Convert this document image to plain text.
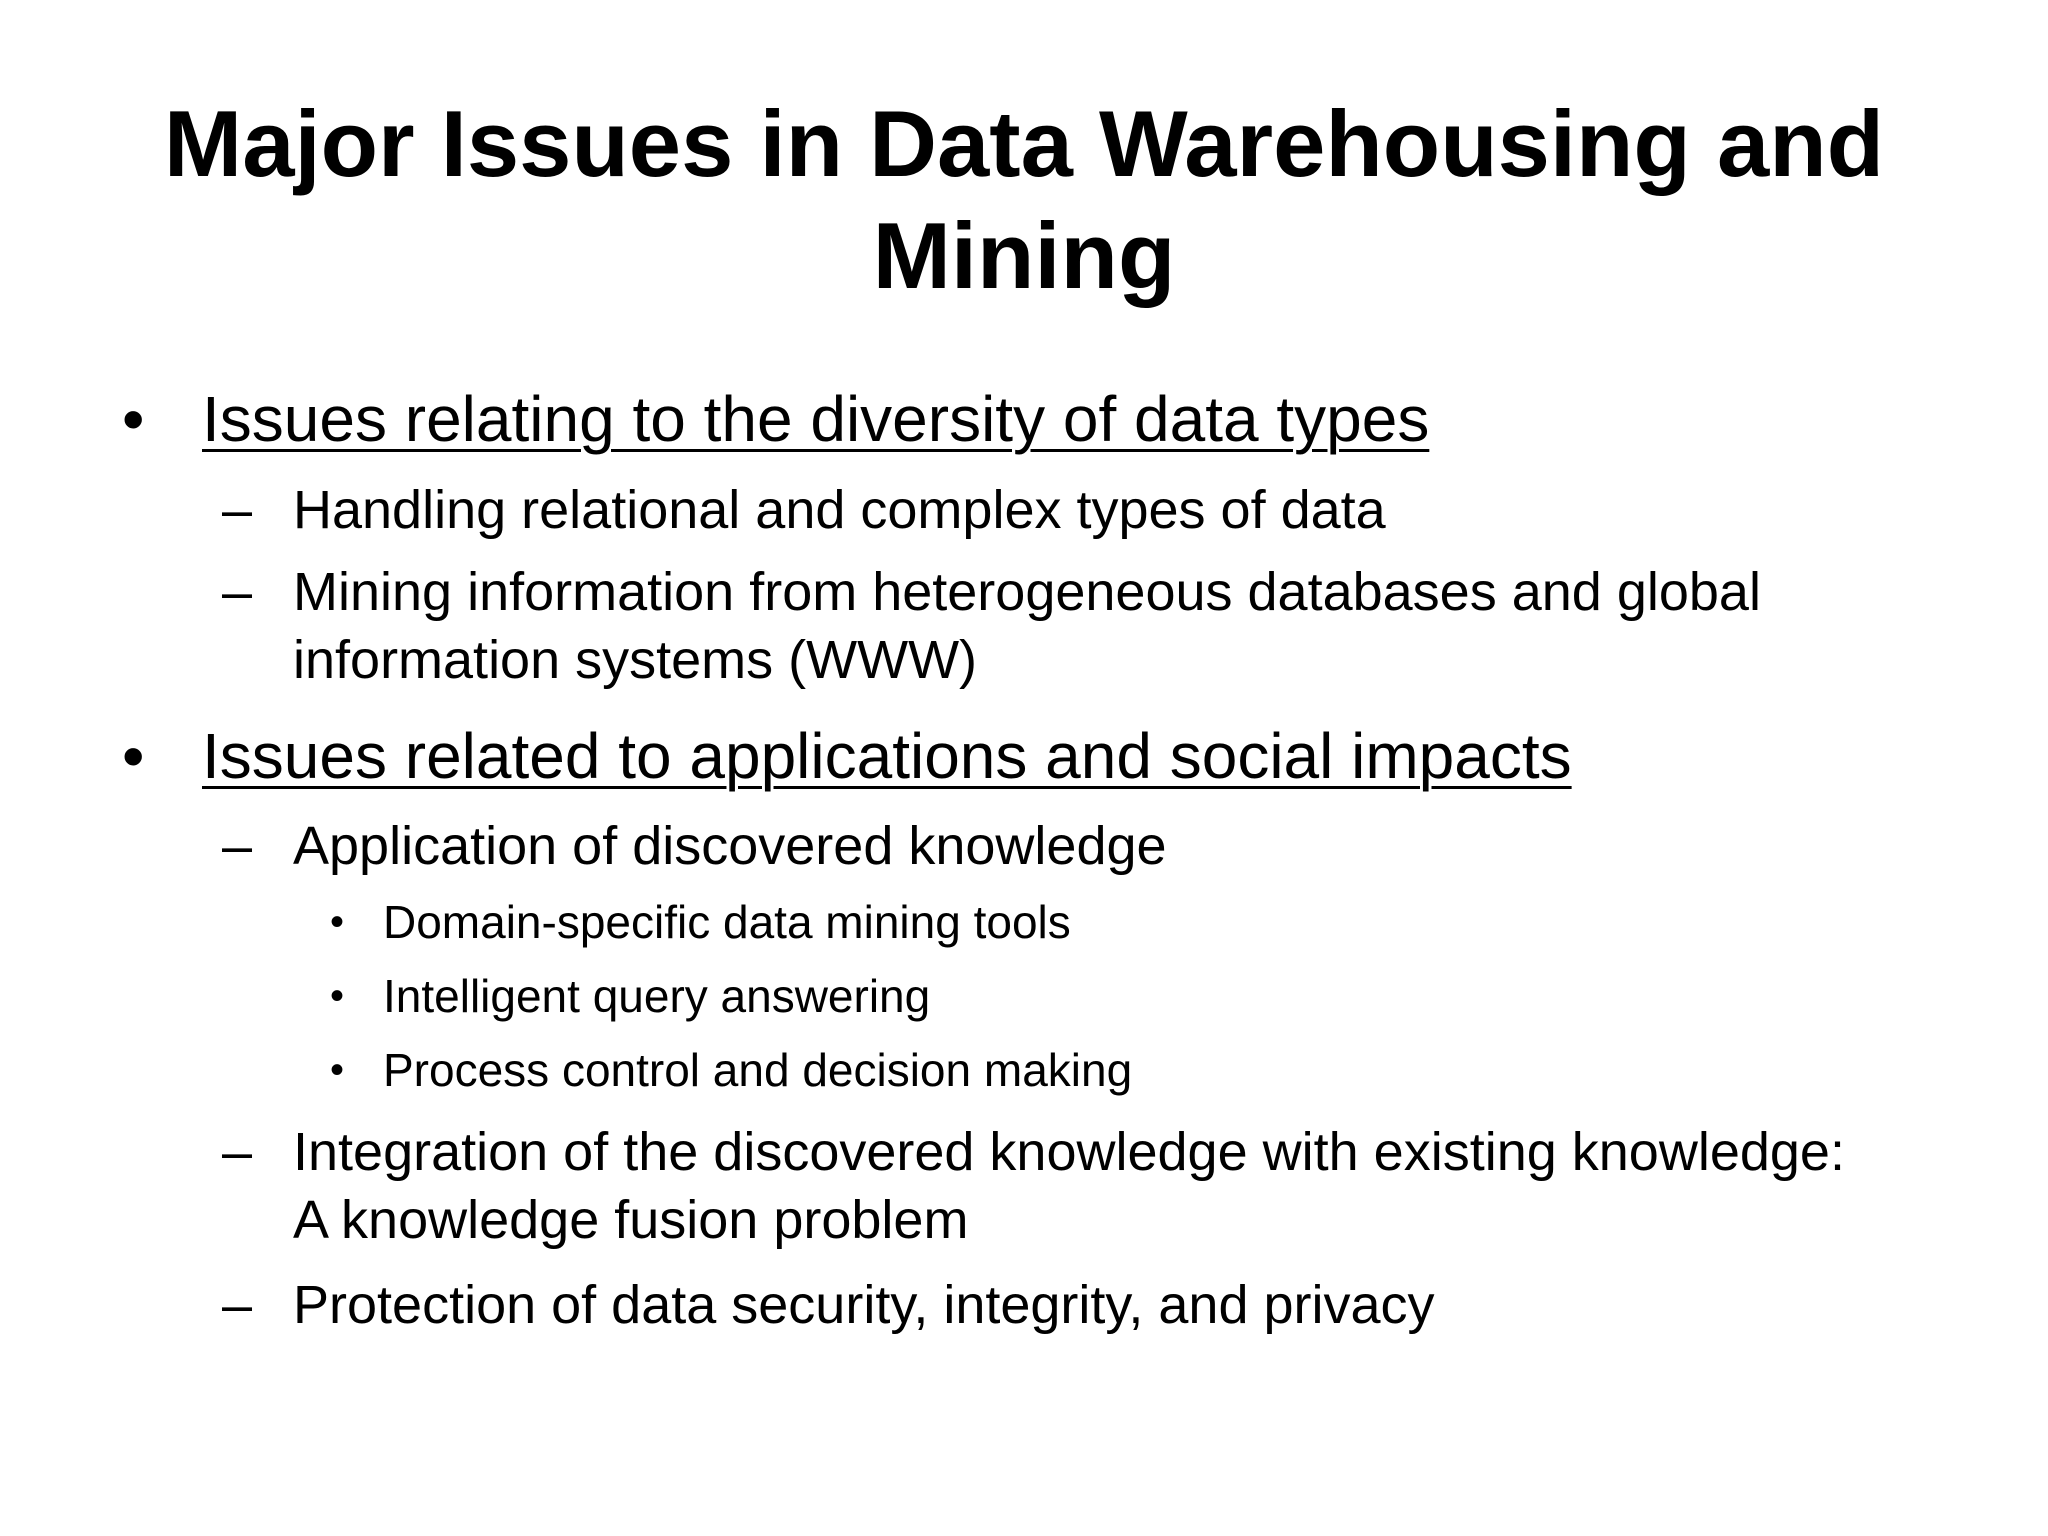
Major Issues in Data Warehousing and
Mining
• Issues relating to the diversity of data types
– Handling relational and complex types of data
– Mining information from heterogeneous databases and global
information systems (WWW)
• Issues related to applications and social impacts
– Application of discovered knowledge
• Domain-specific data mining tools
• Intelligent query answering
• Process control and decision making
– Integration of the discovered knowledge with existing knowledge:
A knowledge fusion problem
– Protection of data security, integrity, and privacy
